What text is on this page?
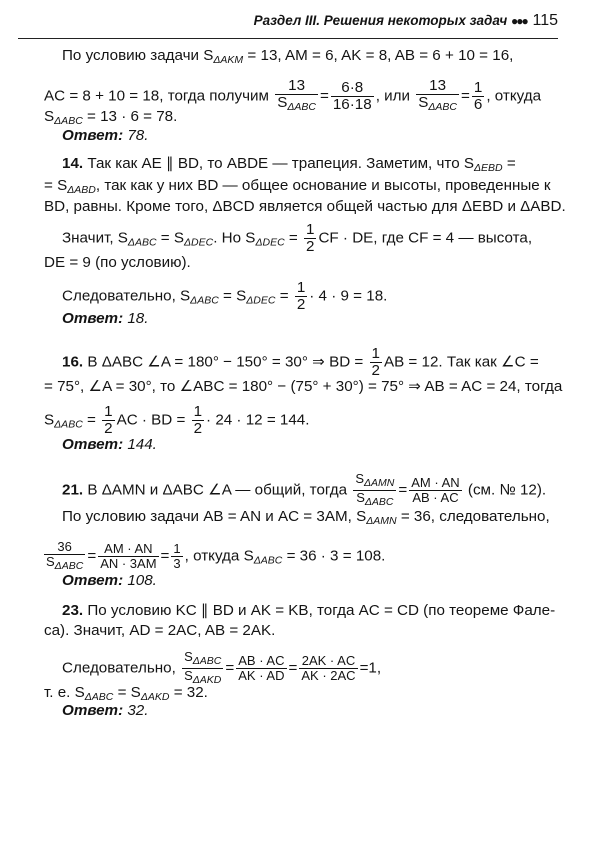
Раздел III. Решения некоторых задач ●●● 115
По условию задачи $S_{\Delta AKM} = 13$, AM = 6, AK = 8, AB = 6 + 10 = 16,
AC = 8 + 10 = 18, тогда получим $\frac{13}{S_{\Delta ABC}} = \frac{6\cdot 8}{16\cdot 18}$ , или $\frac{13}{S_{\Delta ABC}} = \frac{1}{6}$ , откуда
$S_{\Delta ABC} = 13 \cdot 6 = 78$.
Ответ: 78.
14. Так как AE ∥ BD, то ABDE — трапеция. Заметим, что $S_{\Delta EBD}$ =
= $S_{\Delta ABD}$, так как у них BD — общее основание и высоты, проведенные к
BD, равны. Кроме того, ΔBCD является общей частью для ΔEBD и ΔABD.
Значит, $S_{\Delta ABC} = S_{\Delta DEC}$. Но $S_{\Delta DEC} = \frac{1}{2}$ CF · DE, где CF = 4 — высота,
DE = 9 (по условию).
Следовательно, $S_{\Delta ABC} = S_{\Delta DEC} = \frac{1}{2} \cdot 4 \cdot 9 = 18$.
Ответ: 18.
16. В ΔABC ∠A = 180° − 150° = 30° ⇒ BD = $\frac{1}{2}$ AB = 12. Так как ∠C =
= 75°, ∠A = 30°, то ∠ABC = 180° − (75° + 30°) = 75° ⇒ AB = AC = 24, тогда
$S_{\Delta ABC} = \frac{1}{2}$ AC · BD = $\frac{1}{2} \cdot 24 \cdot 12 = 144$.
Ответ: 144.
21. В ΔAMN и ΔABC ∠A — общий, тогда $\frac{S_{\Delta AMN}}{S_{\Delta ABC}} = \frac{AM \cdot AN}{AB \cdot AC} (см$. № 12).
По условию задачи AB = AN и AC = 3AM, $S_{\Delta AMN} = 36$, следовательно,
$\frac{36}{S_{\Delta ABC}} = \frac{AM \cdot AN}{AN \cdot 3AM} = \frac{1}{3}$ , откуда $S_{\Delta ABC} = 36 \cdot 3 = 108$.
Ответ: 108.
23. По условию KC ∥ BD и AK = KB, тогда AC = CD (по теореме Фале-
са). Значит, AD = 2AC, AB = 2AK.
Следовательно, $\frac{S_{\Delta ABC}}{S_{\Delta AKD}} = \frac{AB \cdot AC}{AK \cdot AD} = \frac{2AK \cdot AC}{AK \cdot 2AC} =1$,
т. е. $S_{\Delta ABC} = S_{\Delta AKD} = 32$.
Ответ: 32.
